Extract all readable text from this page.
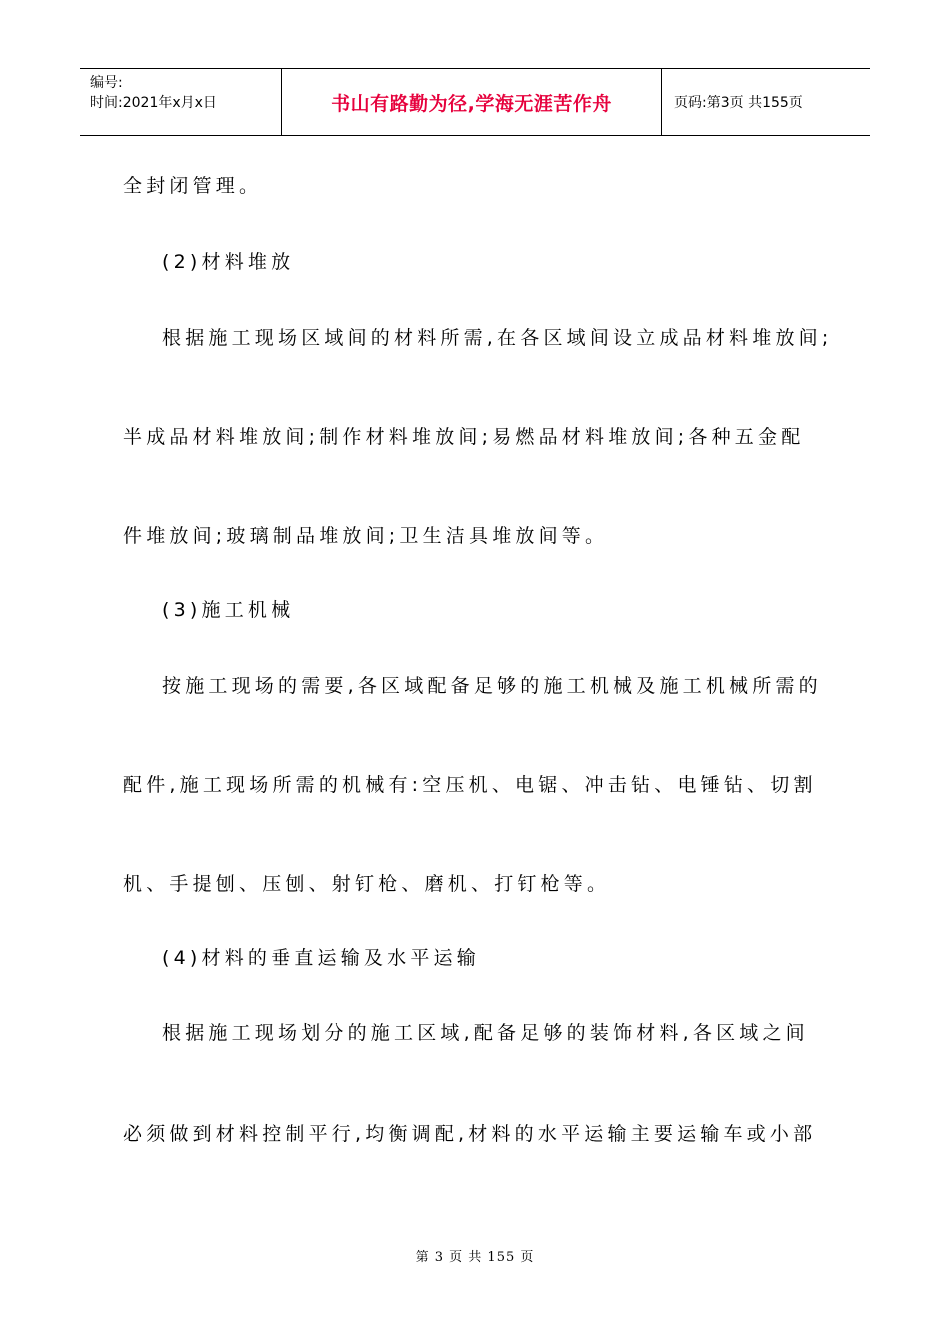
编号:
时间:2021年x月x日	书山有路勤为径,学海无涯苦作舟	页码:第3页 共155页
全封闭管理。
(2)材料堆放
根据施工现场区域间的材料所需,在各区域间设立成品材料堆放间;
半成品材料堆放间;制作材料堆放间;易燃品材料堆放间;各种五金配
件堆放间;玻璃制品堆放间;卫生洁具堆放间等。
(3)施工机械
按施工现场的需要,各区域配备足够的施工机械及施工机械所需的
配件,施工现场所需的机械有:空压机、电锯、冲击钻、电锤钻、切割
机、手提刨、压刨、射钉枪、磨机、打钉枪等。
(4)材料的垂直运输及水平运输
根据施工现场划分的施工区域,配备足够的装饰材料,各区域之间
必须做到材料控制平行,均衡调配,材料的水平运输主要运输车或小部
第 3 页 共 155 页
